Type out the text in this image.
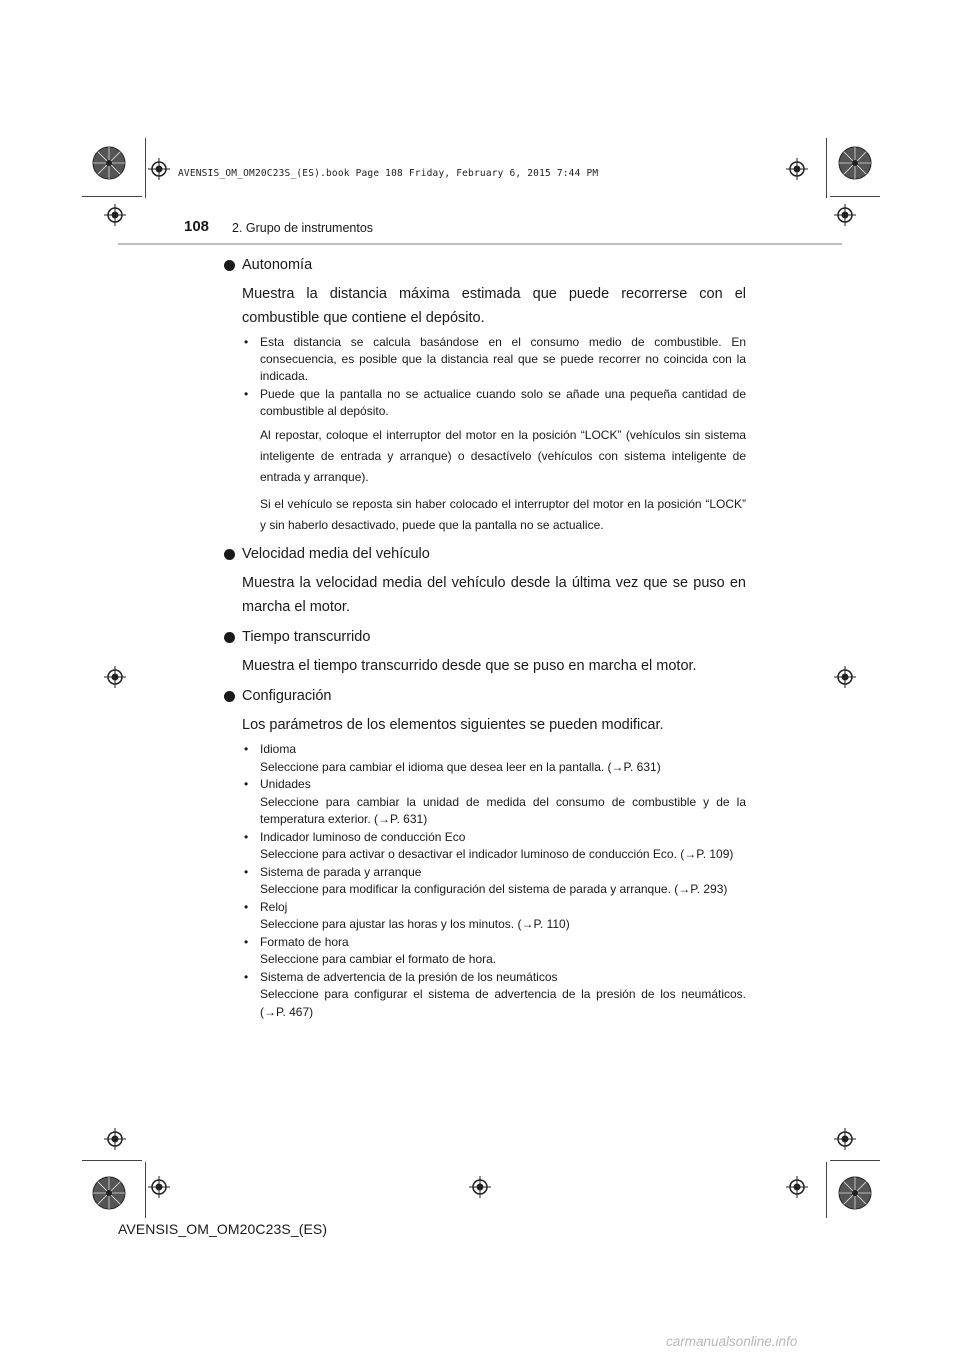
AVENSIS_OM_OM20C23S_(ES).book Page 108 Friday, February 6, 2015 7:44 PM
108 2. Grupo de instrumentos
Autonomía
Muestra la distancia máxima estimada que puede recorrerse con el combustible que contiene el depósito.
• Esta distancia se calcula basándose en el consumo medio de combustible. En consecuencia, es posible que la distancia real que se puede recorrer no coincida con la indicada.
• Puede que la pantalla no se actualice cuando solo se añade una pequeña cantidad de combustible al depósito.
Al repostar, coloque el interruptor del motor en la posición “LOCK” (vehículos sin sistema inteligente de entrada y arranque) o desactívelo (vehículos con sistema inteligente de entrada y arranque).
Si el vehículo se reposta sin haber colocado el interruptor del motor en la posición “LOCK” y sin haberlo desactivado, puede que la pantalla no se actualice.
Velocidad media del vehículo
Muestra la velocidad media del vehículo desde la última vez que se puso en marcha el motor.
Tiempo transcurrido
Muestra el tiempo transcurrido desde que se puso en marcha el motor.
Configuración
Los parámetros de los elementos siguientes se pueden modificar.
• Idioma
Seleccione para cambiar el idioma que desea leer en la pantalla. (→P. 631)
• Unidades
Seleccione para cambiar la unidad de medida del consumo de combustible y de la temperatura exterior. (→P. 631)
• Indicador luminoso de conducción Eco
Seleccione para activar o desactivar el indicador luminoso de conducción Eco. (→P. 109)
• Sistema de parada y arranque
Seleccione para modificar la configuración del sistema de parada y arranque. (→P. 293)
• Reloj
Seleccione para ajustar las horas y los minutos. (→P. 110)
• Formato de hora
Seleccione para cambiar el formato de hora.
• Sistema de advertencia de la presión de los neumáticos
Seleccione para configurar el sistema de advertencia de la presión de los neumáticos. (→P. 467)
AVENSIS_OM_OM20C23S_(ES)
carmanualsonline.info
